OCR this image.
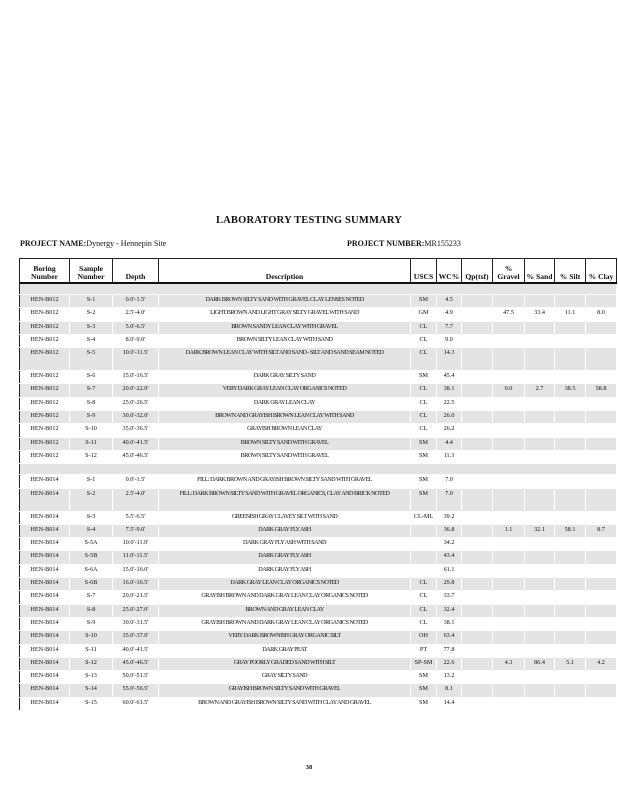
LABORATORY TESTING SUMMARY
PROJECT NAME:Dynergy - Hennepin Site	PROJECT NUMBER:MR155233
Boring Number	Sample Number	Depth	Description	USCS	WC%	Qp(tsf)	% Gravel	% Sand	% Silt	% Clay

HEN-B012	S-1	0.0'-1.5'	DARK BROWN SILTY SAND WITH GRAVEL CLAY LENSES NOTED	SM	4.5					
HEN-B012	S-2	2.5'-4.0'	LIGHT BROWN AND LIGHT GRAY SILTY GRAVEL WITH SAND	GM	4.9		47.5	33.4	11.1	8.0
HEN-B012	S-3	5.0'-6.5'	BROWN SANDY LEAN CLAY WITH GRAVEL	CL	7.7					
HEN-B012	S-4	8.0'-9.0'	BROWN SILTY LEAN CLAY WITH SAND	CL	9.0					
HEN-B012	S-5	10.0'-11.5'	DARK BROWN LEAN CLAY WITH SILT AND SAND - SILT AND SAND SEAM NOTED	CL	14.3					
HEN-B012	S-6	15.0'-16.5'	DARK GRAY SILTY SAND	SM	45.4					
HEN-B012	S-7	20.0'-22.0'	VERY DARK GRAY LEAN CLAY ORGANICS NOTED	CL	38.1		0.0	2.7	38.5	58.8
HEN-B012	S-8	25.0'-26.5'	DARK GRAY LEAN CLAY	CL	22.5					
HEN-B012	S-9	30.0'-32.0'	BROWN AND GRAYISH BROWN LEAN CLAY WITH SAND	CL	26.0					
HEN-B012	S-10	35.0'-36.5'	GRAYISH BROWN LEAN CLAY	CL	26.2					
HEN-B012	S-11	40.0'-41.5'	BROWN SILTY SAND WITH GRAVEL	SM	4.4					
HEN-B012	S-12	45.0'-46.5'	BROWN SILTY SAND WITH GRAVEL	SM	11.3					

HEN-B014	S-1	0.0'-1.5'	FILL: DARK BROWN AND GRAYISH BROWN SILTY SAND WITH GRAVEL	SM	7.0					
HEN-B014	S-2	2.5'-4.0'	FILL: DARK BROWN SILTY SAND WITH GRAVEL ORGANICS, CLAY AND BRICK NOTED	SM	7.0					
HEN-B014	S-3	5.5'-6.5'	GREENISH GRAY CLAYEY SILT WITH SAND	CL-ML	39.2					
HEN-B014	S-4	7.5'-9.0'	DARK GRAY FLY ASH		36.8		1.1	32.1	58.1	8.7
HEN-B014	S-5A	10.0'-11.0'	DARK GRAY FLY ASH WITH SAND		34.2					
HEN-B014	S-5B	11.0'-11.5'	DARK GRAY FLY ASH		43.4					
HEN-B014	S-6A	15.0'-16.0'	DARK GRAY FLY ASH		61.1					
HEN-B014	S-6B	16.0'-16.5'	DARK GRAY LEAN CLAY ORGANICS NOTED	CL	29.8					
HEN-B014	S-7	20.0'-21.5'	GRAYISH BROWN AND DARK GRAY LEAN CLAY ORGANICS NOTED	CL	33.7					
HEN-B014	S-8	25.0'-27.0'	BROWN AND GRAY LEAN CLAY	CL	32.4					
HEN-B014	S-9	30.0'-31.5'	GRAYISH BROWN AND DARK GRAY LEAN CLAY ORGANICS NOTED	CL	38.1					
HEN-B014	S-10	35.0'-37.0'	VERY DARK BROWNISH GRAY ORGANIC SILT	OH	63.4					
HEN-B014	S-11	40.0'-41.5'	DARK GRAY PEAT	PT	77.8					
HEN-B014	S-12	45.0'-46.5'	GRAY POORLY GRADED SAND WITH SILT	SP-SM	22.6		4.3	86.4	5.1	4.2
HEN-B014	S-13	50.0'-51.5'	GRAY SILTY SAND	SM	13.2					
HEN-B014	S-14	55.0'-56.5'	GRAYISH BROWN SILTY SAND WITH GRAVEL	SM	8.1					
HEN-B014	S-15	60.0'-61.5'	BROWN AND GRAYISH BROWN SILTY SAND WITH CLAY AND GRAVEL	SM	14.4					
38
